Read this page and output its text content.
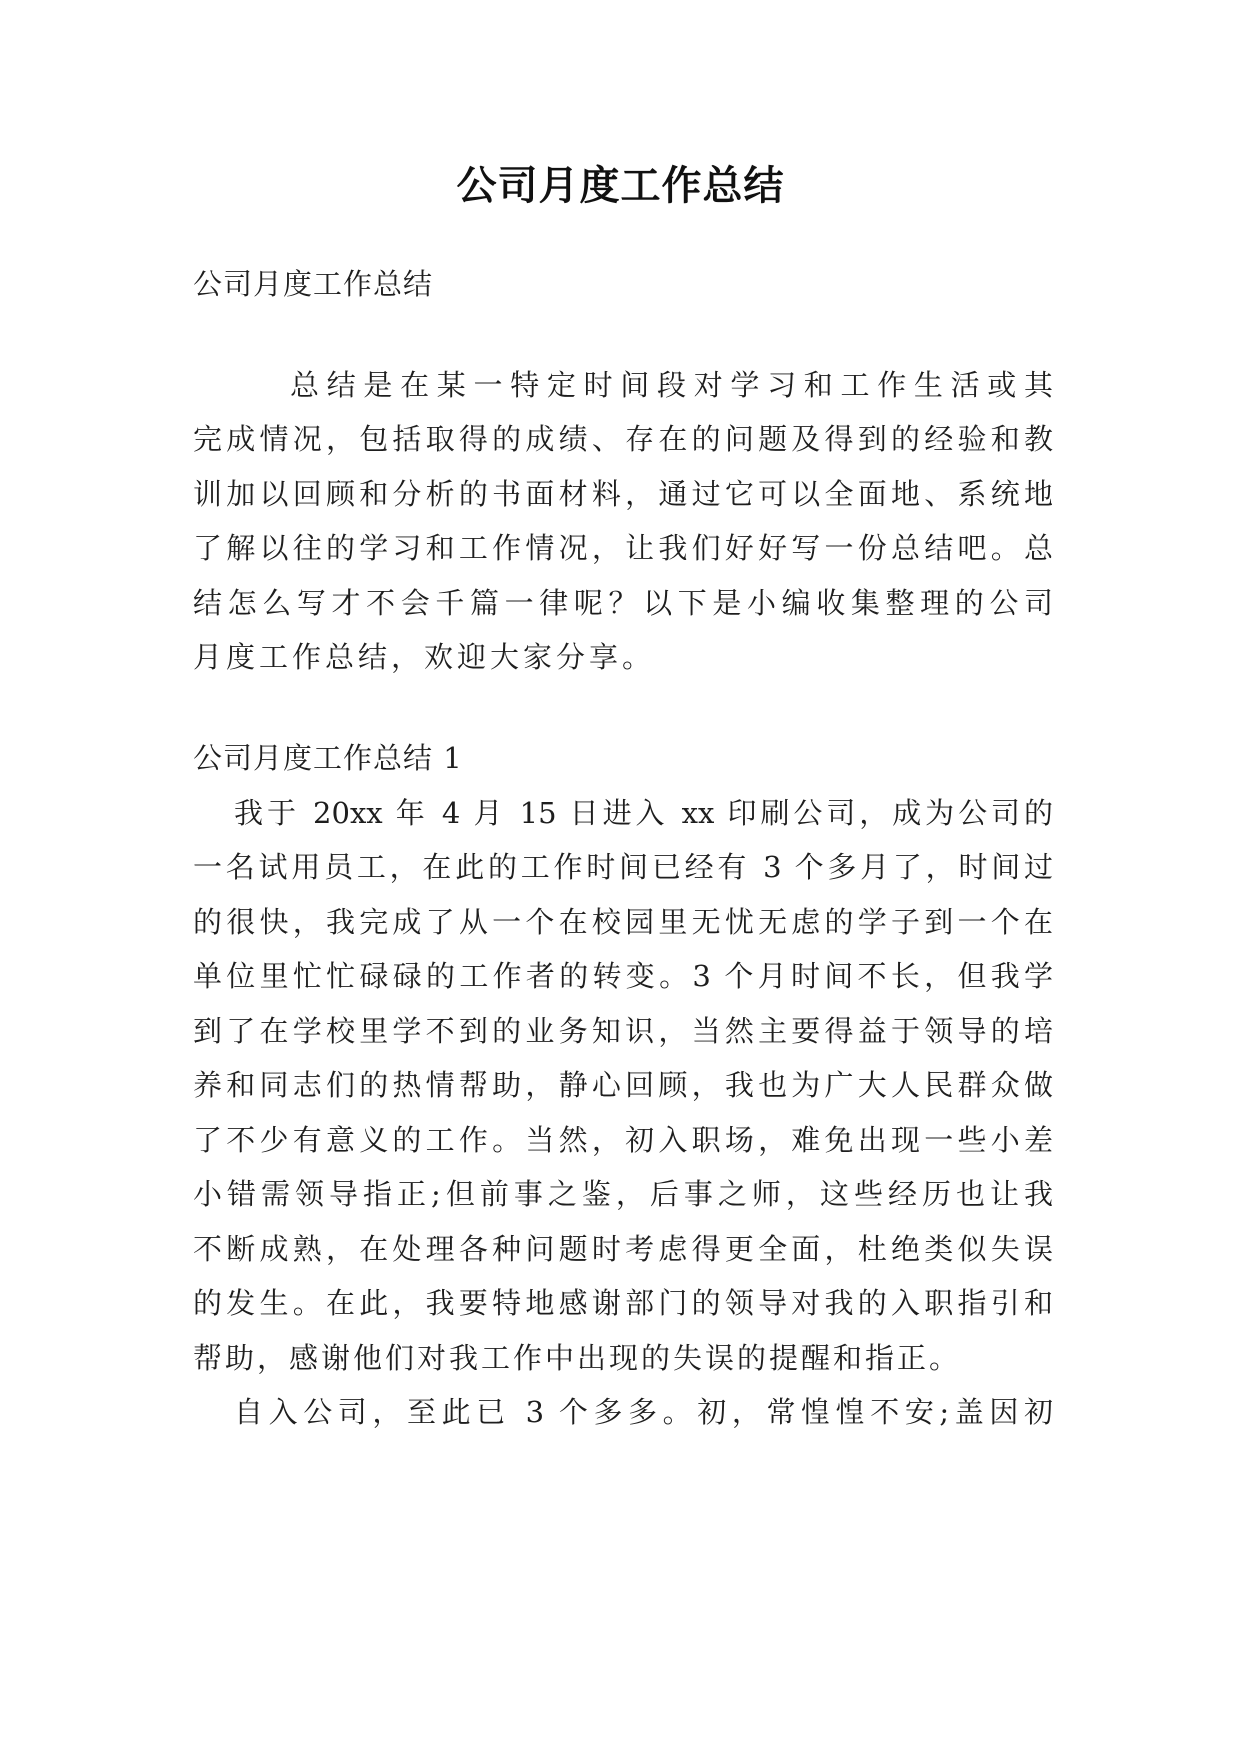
公司月度工作总结
公司月度工作总结
总结是在某一特定时间段对学习和工作生活或其
完成情况，包括取得的成绩、存在的问题及得到的经验和教
训加以回顾和分析的书面材料，通过它可以全面地、系统地
了解以往的学习和工作情况，让我们好好写一份总结吧。总
结怎么写才不会千篇一律呢？以下是小编收集整理的公司
月度工作总结，欢迎大家分享。
公司月度工作总结 1
我于 20xx 年 4 月 15 日进入 xx 印刷公司，成为公司的
一名试用员工，在此的工作时间已经有 3 个多月了，时间过
的很快，我完成了从一个在校园里无忧无虑的学子到一个在
单位里忙忙碌碌的工作者的转变。3 个月时间不长，但我学
到了在学校里学不到的业务知识，当然主要得益于领导的培
养和同志们的热情帮助，静心回顾，我也为广大人民群众做
了不少有意义的工作。当然，初入职场，难免出现一些小差
小错需领导指正;但前事之鉴，后事之师，这些经历也让我
不断成熟，在处理各种问题时考虑得更全面，杜绝类似失误
的发生。在此，我要特地感谢部门的领导对我的入职指引和
帮助，感谢他们对我工作中出现的失误的提醒和指正。
自入公司，至此已 3 个多多。初，常惶惶不安;盖因初
